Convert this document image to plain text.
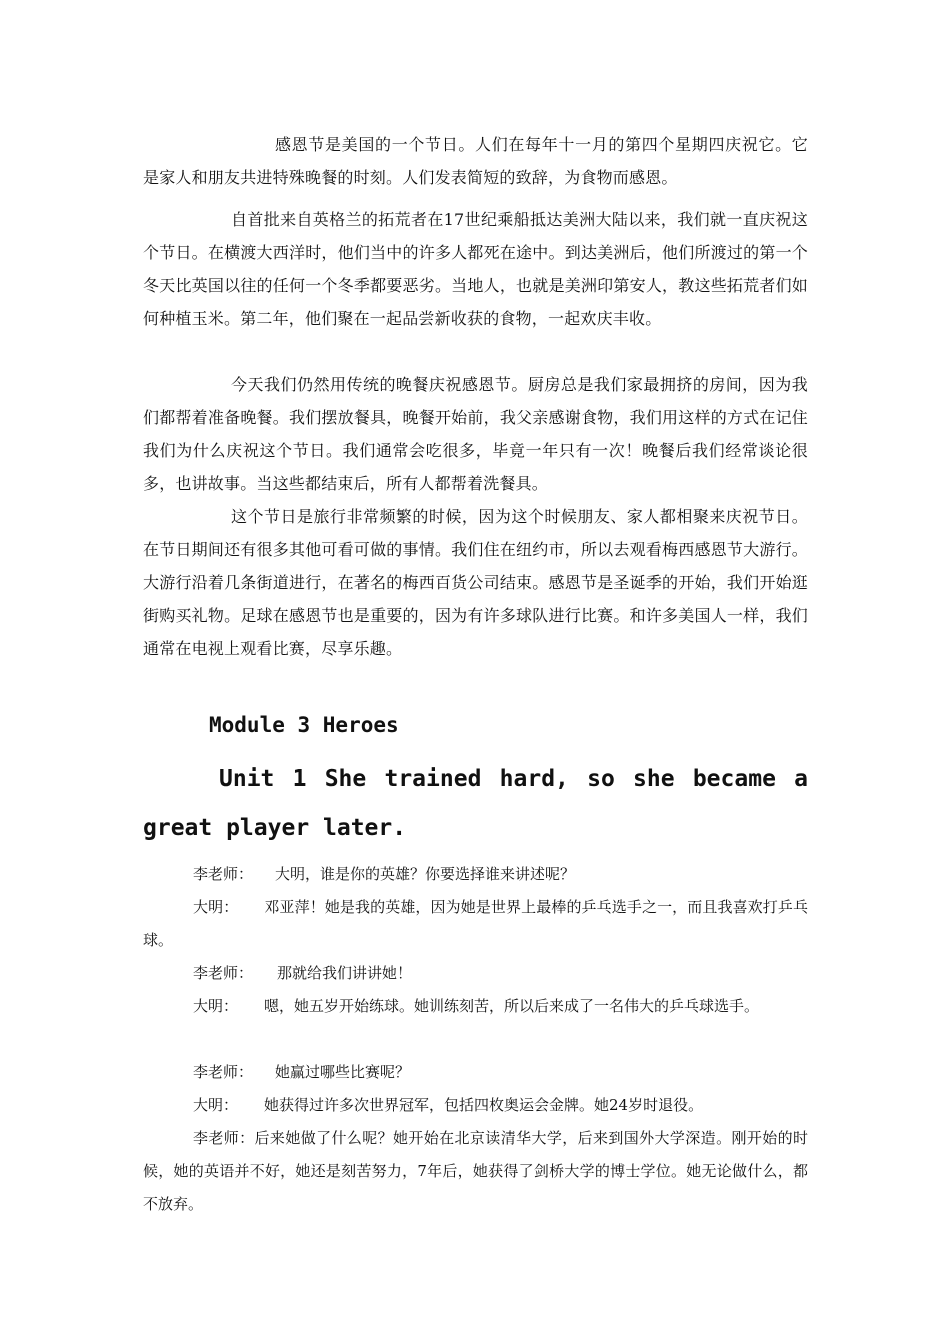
感恩节是美国的一个节日。人们在每年十一月的第四个星期四庆祝它。它是家人和朋友共进特殊晚餐的时刻。人们发表简短的致辞，为食物而感恩。

自首批来自英格兰的拓荒者在17世纪乘船抵达美洲大陆以来，我们就一直庆祝这个节日。在横渡大西洋时，他们当中的许多人都死在途中。到达美洲后，他们所渡过的第一个冬天比英国以往的任何一个冬季都要恶劣。当地人，也就是美洲印第安人，教这些拓荒者们如何种植玉米。第二年，他们聚在一起品尝新收获的食物，一起欢庆丰收。

今天我们仍然用传统的晚餐庆祝感恩节。厨房总是我们家最拥挤的房间，因为我们都帮着准备晚餐。我们摆放餐具，晚餐开始前，我父亲感谢食物，我们用这样的方式在记住我们为什么庆祝这个节日。我们通常会吃很多，毕竟一年只有一次！晚餐后我们经常谈论很多，也讲故事。当这些都结束后，所有人都帮着洗餐具。

这个节日是旅行非常频繁的时候，因为这个时候朋友、家人都相聚来庆祝节日。在节日期间还有很多其他可看可做的事情。我们住在纽约市，所以去观看梅西感恩节大游行。大游行沿着几条街道进行，在著名的梅西百货公司结束。感恩节是圣诞季的开始，我们开始逛街购买礼物。足球在感恩节也是重要的，因为有许多球队进行比赛。和许多美国人一样，我们通常在电视上观看比赛，尽享乐趣。

Module 3 Heroes
Unit 1 She trained hard, so she became a great player later.

李老师： 大明，谁是你的英雄？你要选择谁来讲述呢？

大明： 邓亚萍！她是我的英雄，因为她是世界上最棒的乒乓选手之一，而且我喜欢打乒乓球。

李老师： 那就给我们讲讲她！

大明： 嗯，她五岁开始练球。她训练刻苦，所以后来成了一名伟大的乒乓球选手。

李老师： 她赢过哪些比赛呢？

大明： 她获得过许多次世界冠军，包括四枚奥运会金牌。她24岁时退役。

李老师：后来她做了什么呢？她开始在北京读清华大学，后来到国外大学深造。刚开始的时候，她的英语并不好，她还是刻苦努力，7年后，她获得了剑桥大学的博士学位。她无论做什么，都不放弃。
